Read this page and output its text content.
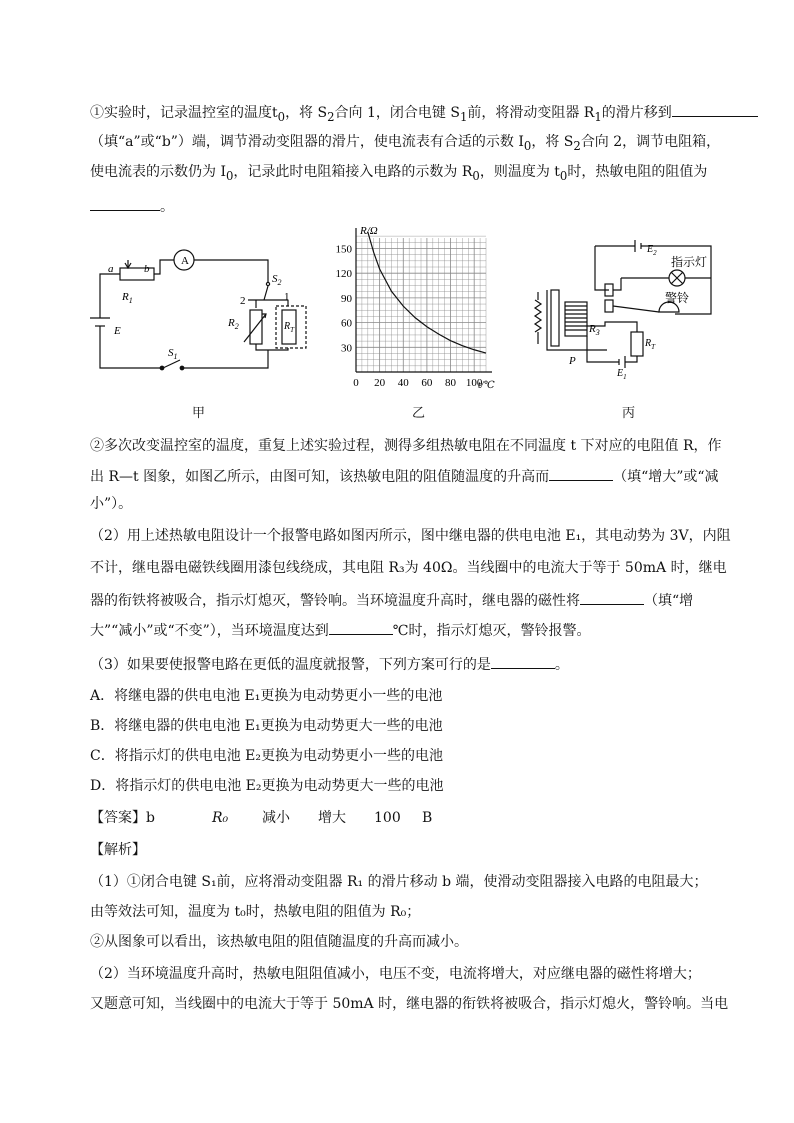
①实验时，记录温控室的温度$t_0$，将 $S_2$合向 1，闭合电键 $S_1$前，将滑动变阻器 $R_1$的滑片移到
（填“a”或“b”）端，调节滑动变阻器的滑片，使电流表有合适的示数 $I_0$，将 $S_2$合向 2，调节电阻箱，
使电流表的示数仍为 $I_0$，记录此时电阻箱接入电路的示数为 $R_0$，则温度为 $t_0$时，热敏电阻的阻值为
。
A
a	b
$R_1$
E
$S_1$
$S_2$
2	1
$R_2$	$R_T$
甲
30
60
90
120
150
0 20 40 60 80 100
R/Ω
t/℃
乙
$E_2$
指示灯
警铃
$R_3$
$R_T$
P
$E_1$
丙
②多次改变温控室的温度，重复上述实验过程，测得多组热敏电阻在不同温度 t 下对应的电阻值 R，作
出 R—t 图象，如图乙所示，由图可知，该热敏电阻的阻值随温度的升高而	（填“增大”或“减
小”）。
（2）用上述热敏电阻设计一个报警电路如图丙所示，图中继电器的供电电池 E₁，其电动势为 3V，内阻
不计，继电器电磁铁线圈用漆包线绕成，其电阻 R₃为 40Ω。当线圈中的电流大于等于 50mA 时，继电
器的衔铁将被吸合，指示灯熄灭，警铃响。当环境温度升高时，继电器的磁性将	（填“增
大”“减小”或“不变”），当环境温度达到	℃时，指示灯熄灭，警铃报警。
（3）如果要使报警电路在更低的温度就报警，下列方案可行的是	。
A．将继电器的供电电池 E₁更换为电动势更小一些的电池
B．将继电器的供电电池 E₁更换为电动势更大一些的电池
C．将指示灯的供电电池 E₂更换为电动势更小一些的电池
D．将指示灯的供电电池 E₂更换为电动势更大一些的电池
【答案】b	R₀ 减小 增大 100 B
【解析】
（1）①闭合电键 S₁前，应将滑动变阻器 R₁ 的滑片移动 b 端，使滑动变阻器接入电路的电阻最大；
由等效法可知，温度为 t₀时，热敏电阻的阻值为 R₀；
②从图象可以看出，该热敏电阻的阻值随温度的升高而减小。
（2）当环境温度升高时，热敏电阻阻值减小，电压不变，电流将增大，对应继电器的磁性将增大；
又题意可知，当线圈中的电流大于等于 50mA 时，继电器的衔铁将被吸合，指示灯熄火，警铃响。当电
